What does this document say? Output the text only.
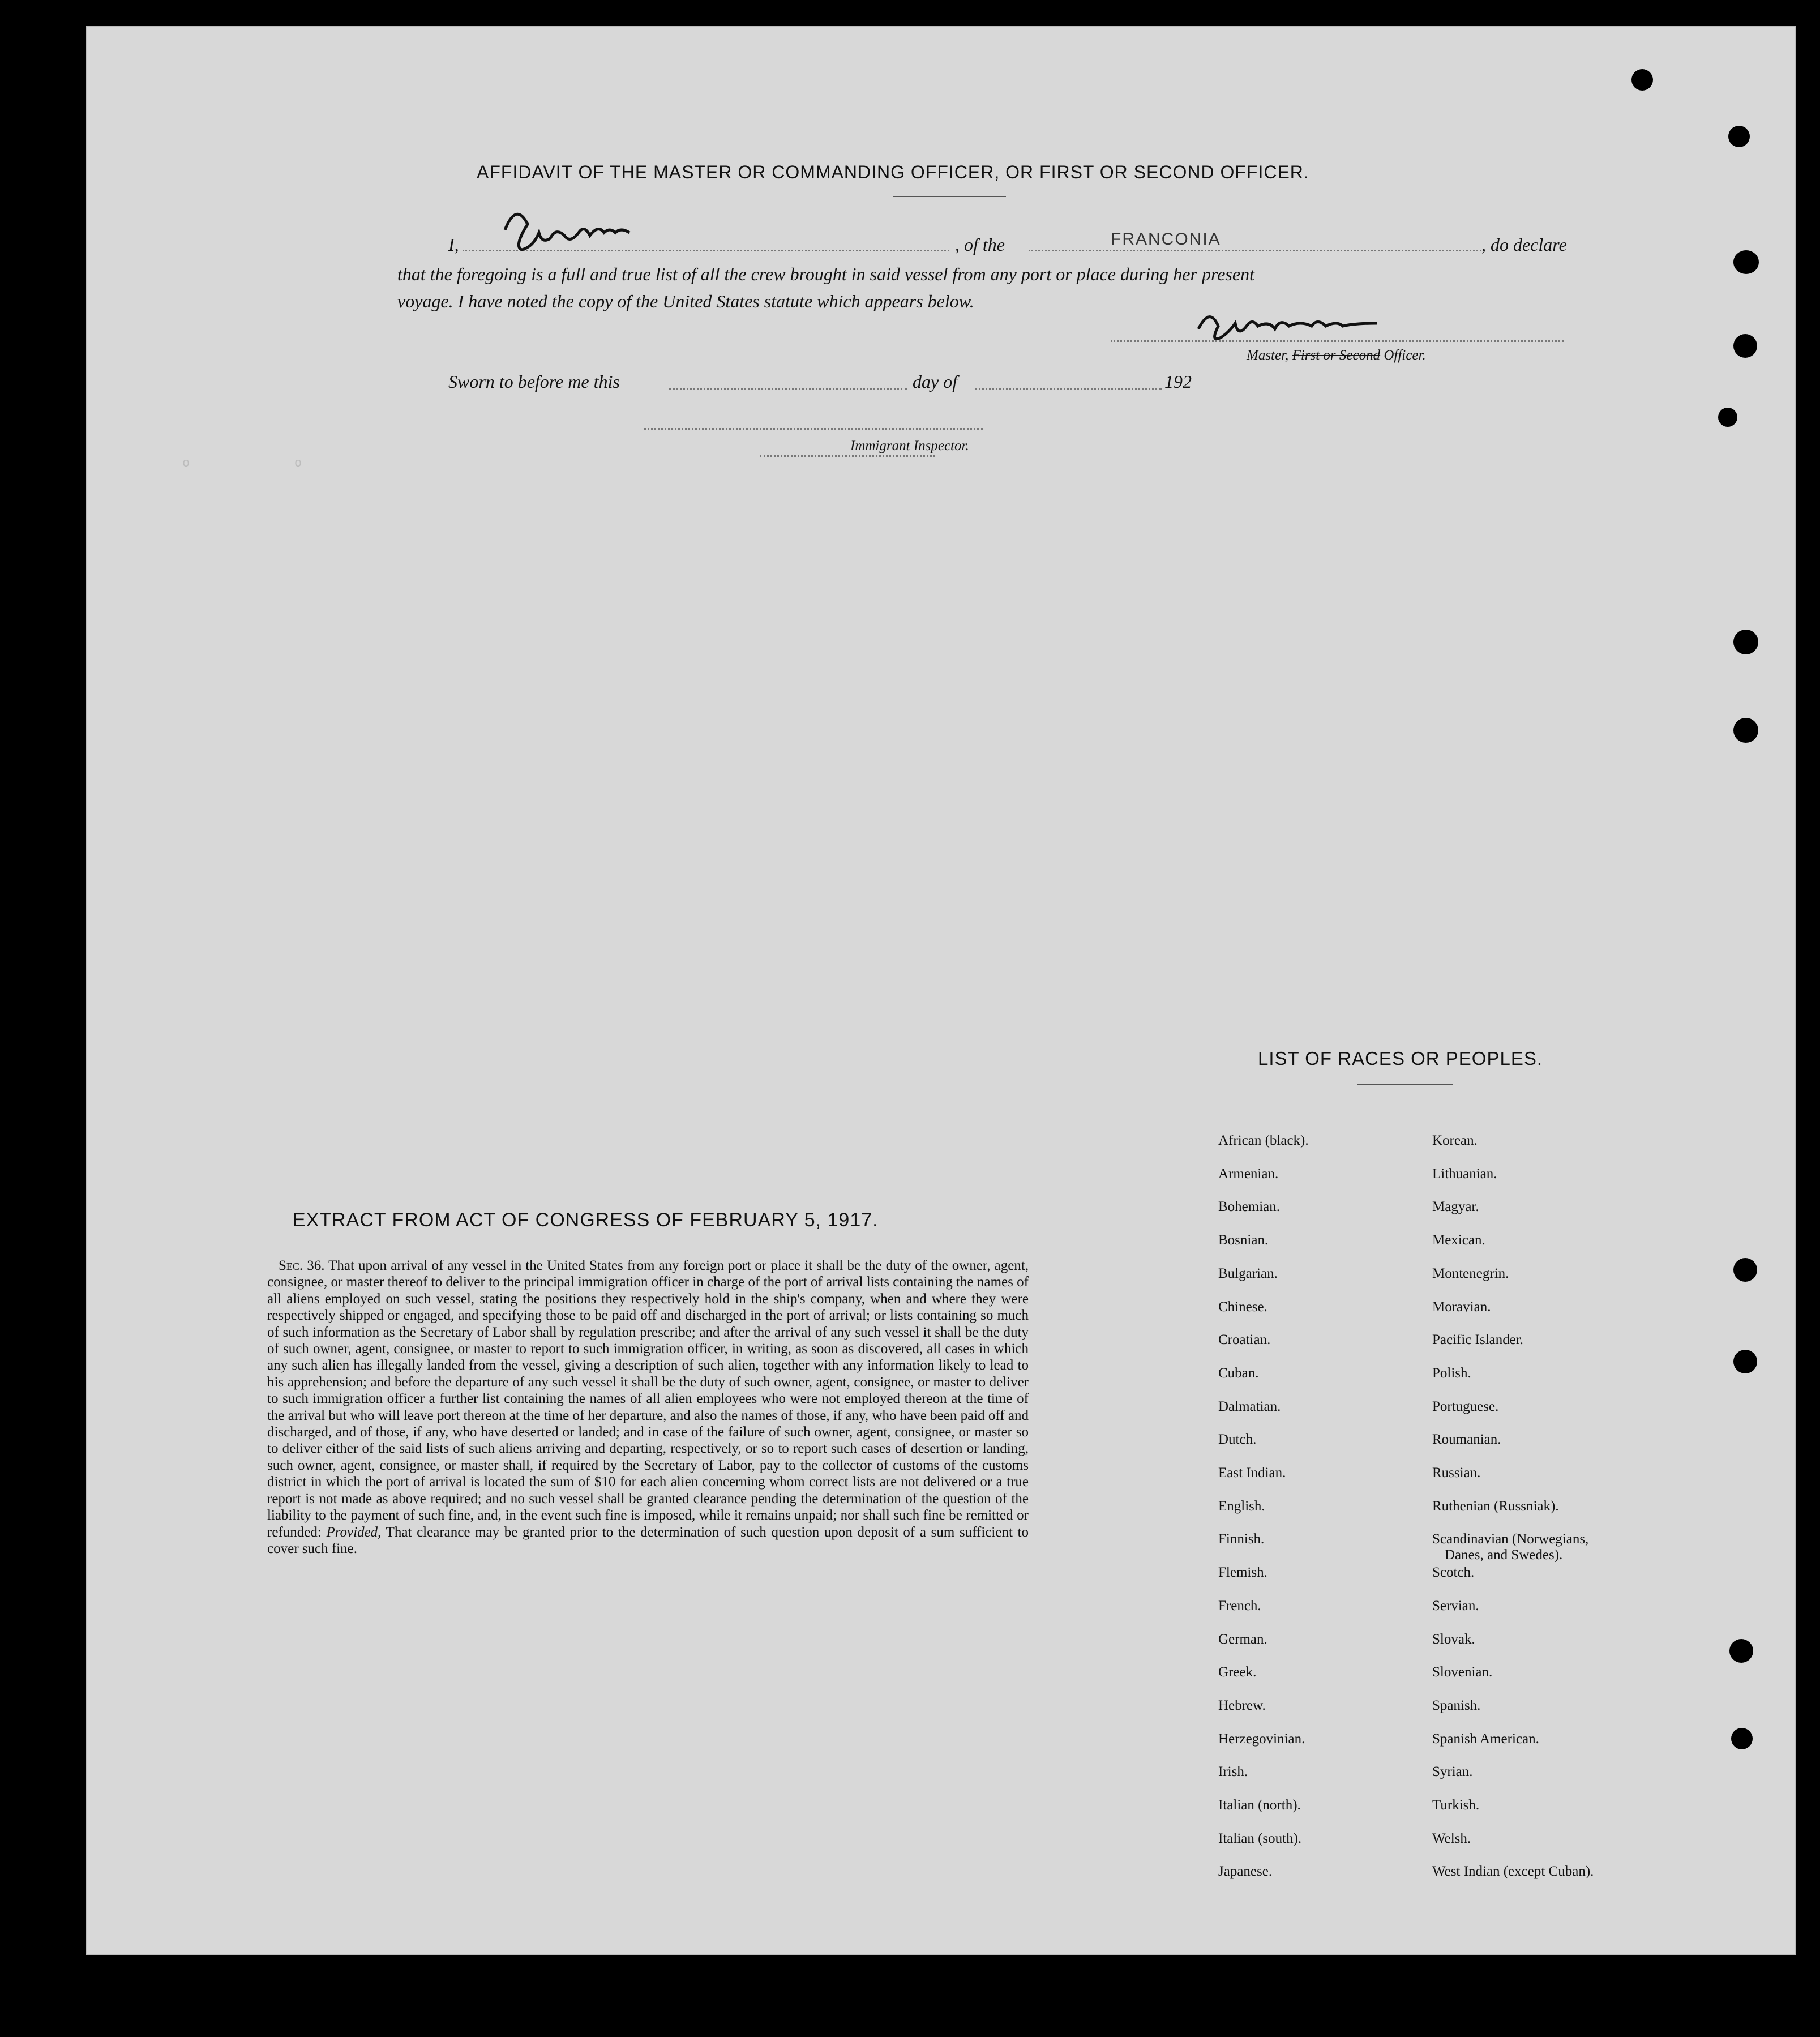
o              o
AFFIDAVIT OF THE MASTER OR COMMANDING OFFICER, OR FIRST OR SECOND OFFICER.
I,	, of the	FRANCONIA	, do declare
that the foregoing is a full and true list of all the crew brought in said vessel from any port or place during her present
voyage. I have noted the copy of the United States statute which appears below.
Master, First or Second Officer.
Sworn to before me this	day of	192
Immigrant Inspector.
EXTRACT FROM ACT OF CONGRESS OF FEBRUARY 5, 1917.
Sec. 36. That upon arrival of any vessel in the United States from any foreign port or place it shall be the duty of the owner, agent, consignee, or master thereof to deliver to the principal immigration officer in charge of the port of arrival lists containing the names of all aliens employed on such vessel, stating the positions they respectively hold in the ship's company, when and where they were respectively shipped or engaged, and specifying those to be paid off and discharged in the port of arrival; or lists containing so much of such information as the Secretary of Labor shall by regulation prescribe; and after the arrival of any such vessel it shall be the duty of such owner, agent, consignee, or master to report to such immigration officer, in writing, as soon as discovered, all cases in which any such alien has illegally landed from the vessel, giving a description of such alien, together with any information likely to lead to his apprehension; and before the departure of any such vessel it shall be the duty of such owner, agent, consignee, or master to deliver to such immigration officer a further list containing the names of all alien employees who were not employed thereon at the time of the arrival but who will leave port thereon at the time of her departure, and also the names of those, if any, who have been paid off and discharged, and of those, if any, who have deserted or landed; and in case of the failure of such owner, agent, consignee, or master so to deliver either of the said lists of such aliens arriving and departing, respectively, or so to report such cases of desertion or landing, such owner, agent, consignee, or master shall, if required by the Secretary of Labor, pay to the collector of customs of the customs district in which the port of arrival is located the sum of $10 for each alien concerning whom correct lists are not delivered or a true report is not made as above required; and no such vessel shall be granted clearance pending the determination of the question of the liability to the payment of such fine, and, in the event such fine is imposed, while it remains unpaid; nor shall such fine be remitted or refunded: Provided, That clearance may be granted prior to the determination of such question upon deposit of a sum sufficient to cover such fine.
LIST OF RACES OR PEOPLES.
African (black).	Korean.
Armenian.	Lithuanian.
Bohemian.	Magyar.
Bosnian.	Mexican.
Bulgarian.	Montenegrin.
Chinese.	Moravian.
Croatian.	Pacific Islander.
Cuban.	Polish.
Dalmatian.	Portuguese.
Dutch.	Roumanian.
East Indian.	Russian.
English.	Ruthenian (Russniak).
Finnish.	Scandinavian (Norwegians,
Danes, and Swedes).
Flemish.	Scotch.
French.	Servian.
German.	Slovak.
Greek.	Slovenian.
Hebrew.	Spanish.
Herzegovinian.	Spanish American.
Irish.	Syrian.
Italian (north).	Turkish.
Italian (south).	Welsh.
Japanese.	West Indian (except Cuban).
